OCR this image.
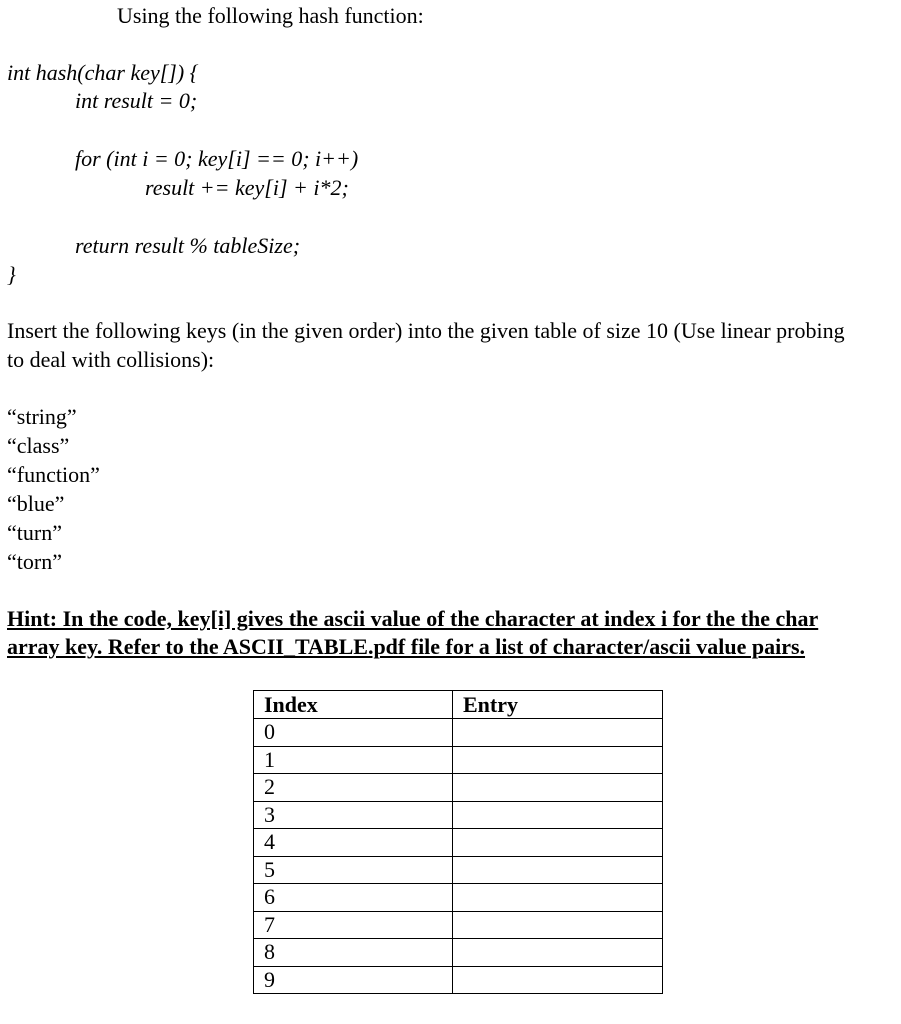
Using the following hash function:
int hash(char key[]) {
int result = 0;
for (int i = 0; key[i] == 0; i++)
result += key[i] + i*2;
return result % tableSize;
}
Insert the following keys (in the given order) into the given table of size 10 (Use linear probing
to deal with collisions):
“string”
“class”
“function”
“blue”
“turn”
“torn”
Hint: In the code, key[i] gives the ascii value of the character at index i for the the char
array key. Refer to the ASCII_TABLE.pdf file for a list of character/ascii value pairs.
Index	Entry
0	
1	
2	
3	
4	
5	
6	
7	
8	
9	
